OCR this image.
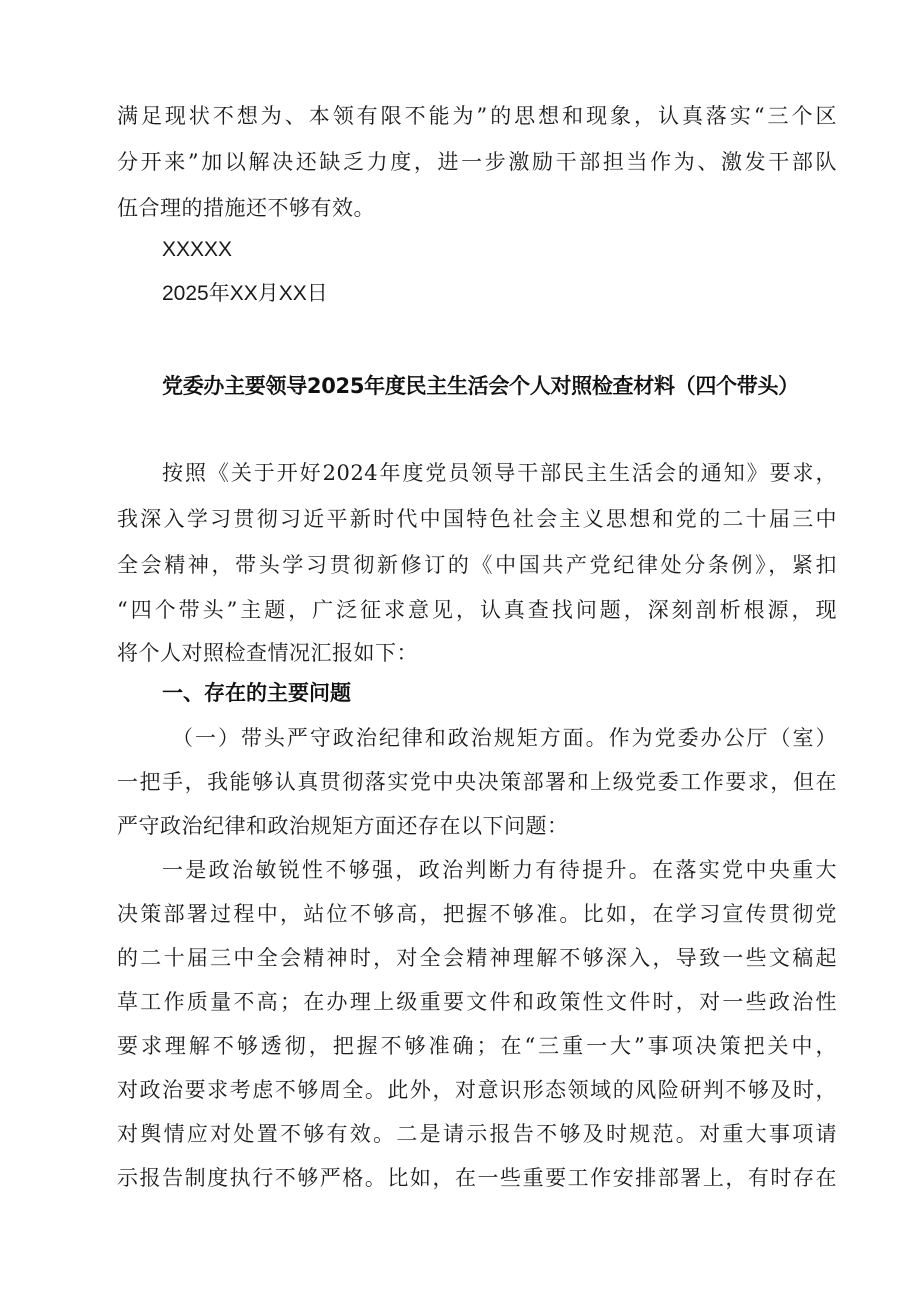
满足现状不想为、本领有限不能为”的思想和现象，认真落实“三个区
分开来”加以解决还缺乏力度，进一步激励干部担当作为、激发干部队
伍合理的措施还不够有效。
XXXXX
2025年XX月XX日
党委办主要领导2025年度民主生活会个人对照检查材料（四个带头）
按照《关于开好2024年度党员领导干部民主生活会的通知》要求，
我深入学习贯彻习近平新时代中国特色社会主义思想和党的二十届三中
全会精神，带头学习贯彻新修订的《中国共产党纪律处分条例》，紧扣
“四个带头”主题，广泛征求意见，认真查找问题，深刻剖析根源，现
将个人对照检查情况汇报如下：
一、存在的主要问题
（一）带头严守政治纪律和政治规矩方面。作为党委办公厅（室）
一把手，我能够认真贯彻落实党中央决策部署和上级党委工作要求，但在
严守政治纪律和政治规矩方面还存在以下问题：
一是政治敏锐性不够强，政治判断力有待提升。在落实党中央重大
决策部署过程中，站位不够高，把握不够准。比如，在学习宣传贯彻党
的二十届三中全会精神时，对全会精神理解不够深入，导致一些文稿起
草工作质量不高；在办理上级重要文件和政策性文件时，对一些政治性
要求理解不够透彻，把握不够准确；在“三重一大”事项决策把关中，
对政治要求考虑不够周全。此外，对意识形态领域的风险研判不够及时，
对舆情应对处置不够有效。二是请示报告不够及时规范。对重大事项请
示报告制度执行不够严格。比如，在一些重要工作安排部署上，有时存在
